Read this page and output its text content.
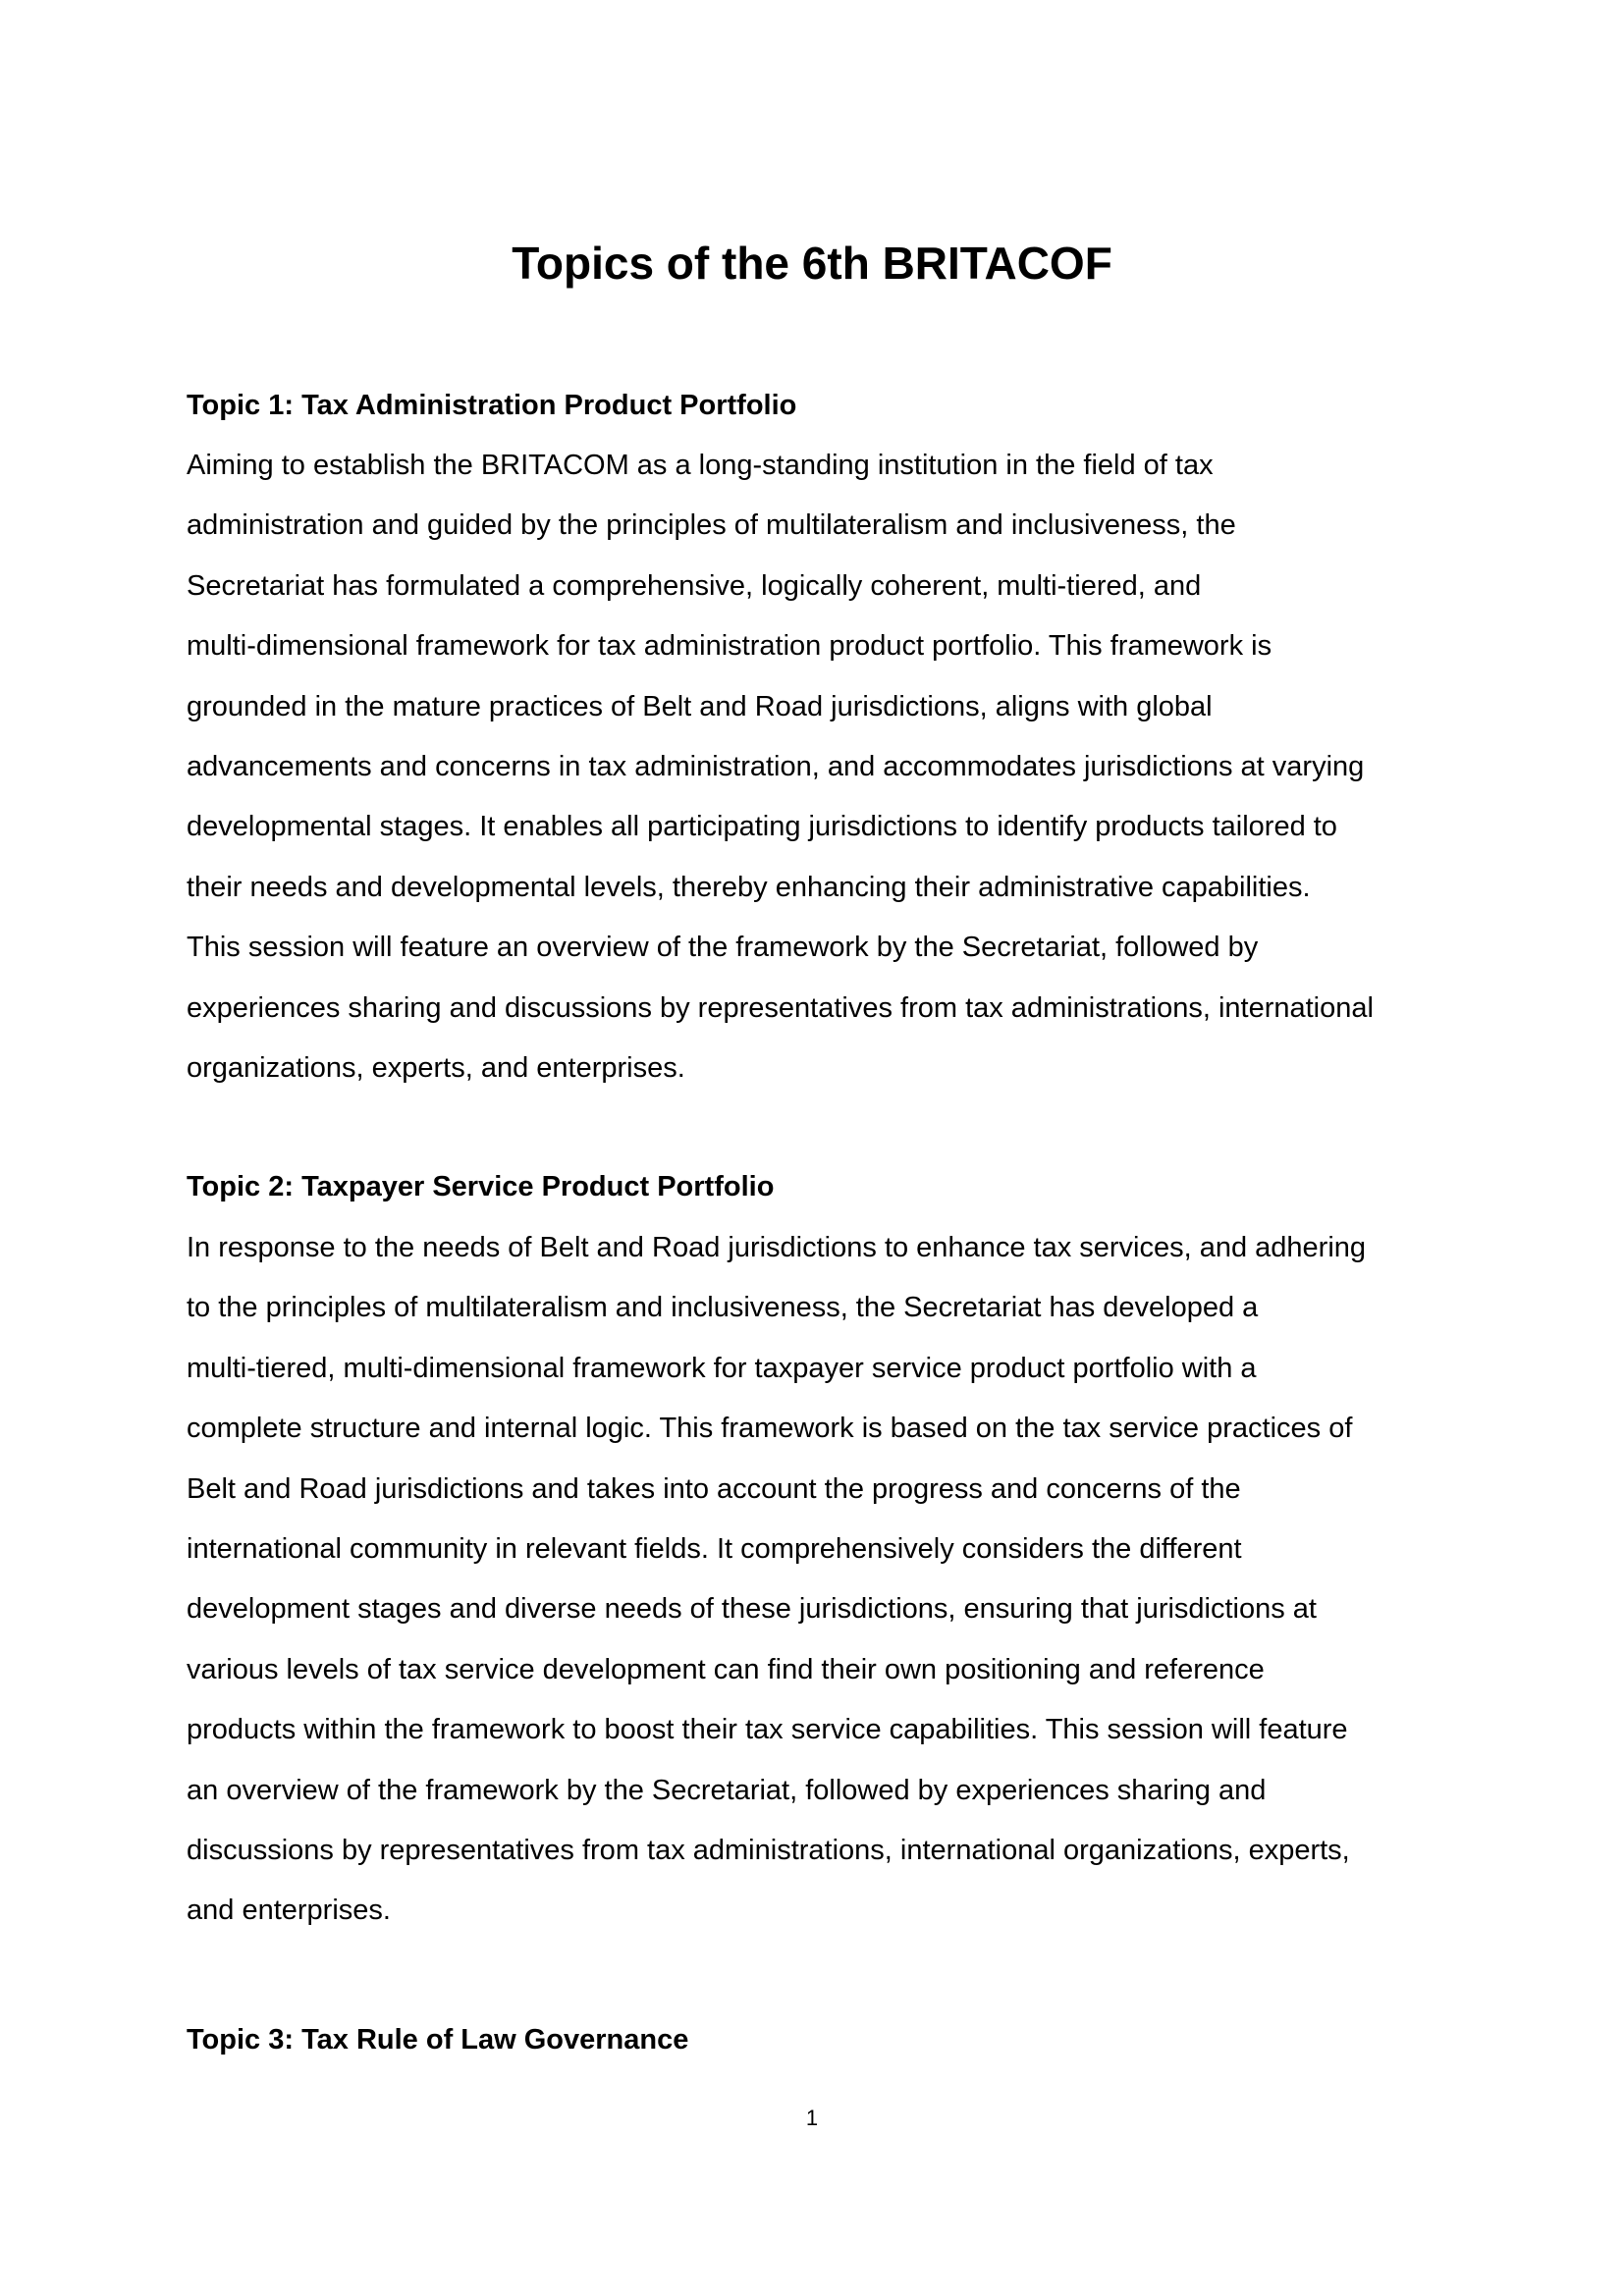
Topics of the 6th BRITACOF
Topic 1: Tax Administration Product Portfolio
Aiming to establish the BRITACOM as a long-standing institution in the field of tax
administration and guided by the principles of multilateralism and inclusiveness, the
Secretariat has formulated a comprehensive, logically coherent, multi-tiered, and
multi-dimensional framework for tax administration product portfolio. This framework is
grounded in the mature practices of Belt and Road jurisdictions, aligns with global
advancements and concerns in tax administration, and accommodates jurisdictions at varying
developmental stages. It enables all participating jurisdictions to identify products tailored to
their needs and developmental levels, thereby enhancing their administrative capabilities.
This session will feature an overview of the framework by the Secretariat, followed by
experiences sharing and discussions by representatives from tax administrations, international
organizations, experts, and enterprises.
Topic 2: Taxpayer Service Product Portfolio
In response to the needs of Belt and Road jurisdictions to enhance tax services, and adhering
to the principles of multilateralism and inclusiveness, the Secretariat has developed a
multi-tiered, multi-dimensional framework for taxpayer service product portfolio with a
complete structure and internal logic. This framework is based on the tax service practices of
Belt and Road jurisdictions and takes into account the progress and concerns of the
international community in relevant fields. It comprehensively considers the different
development stages and diverse needs of these jurisdictions, ensuring that jurisdictions at
various levels of tax service development can find their own positioning and reference
products within the framework to boost their tax service capabilities. This session will feature
an overview of the framework by the Secretariat, followed by experiences sharing and
discussions by representatives from tax administrations, international organizations, experts,
and enterprises.
Topic 3: Tax Rule of Law Governance
1
